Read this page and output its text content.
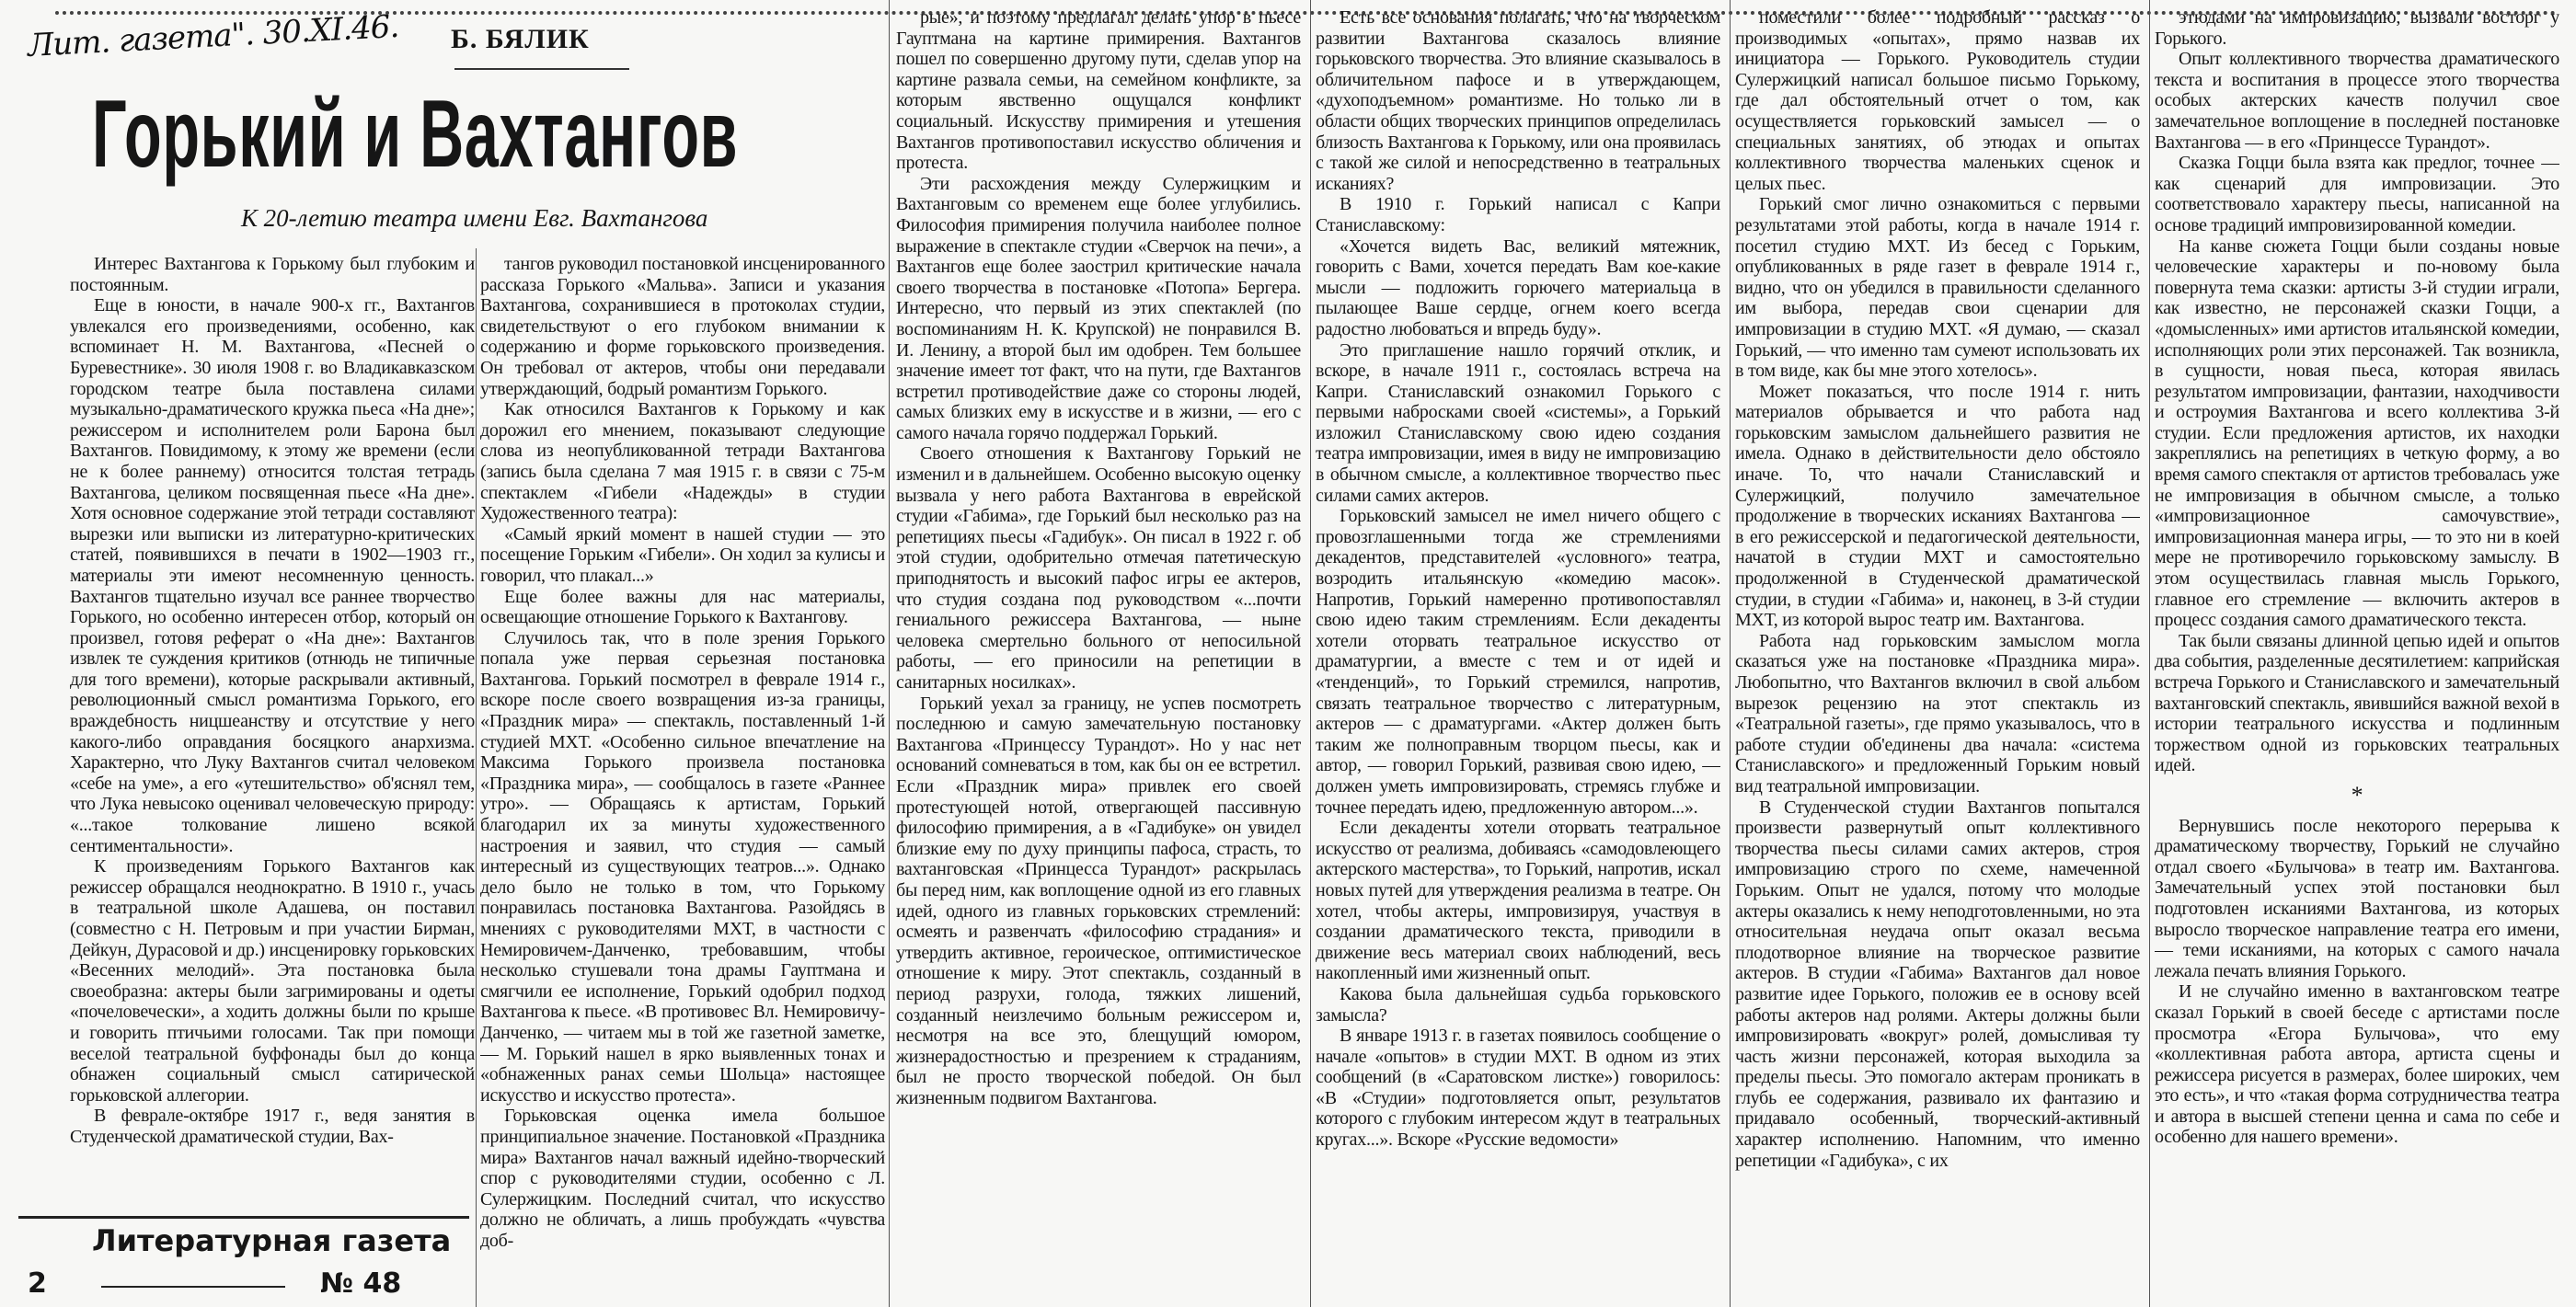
Лит. газета". 30.XI.46. Б. БЯЛИК
Горький и Вахтангов
К 20-летию театра имени Евг. Вахтангова

Интерес Вахтангова к Горькому был глубоким и постоянным.

Еще в юности, в начале 900-х гг., Вахтангов увлекался его произведениями, особенно, как вспоминает Н. М. Вахтангова, «Песней о Буревестнике». 30 июля 1908 г. во Владикавказском городском театре была поставлена силами музыкально-драматического кружка пьеса «На дне»; режиссером и исполнителем роли Барона был Вахтангов. Повидимому, к этому же времени (если не к более раннему) относится толстая тетрадь Вахтангова, целиком посвященная пьесе «На дне». Хотя основное содержание этой тетради составляют вырезки или выписки из литературно-критических статей, появившихся в печати в 1902—1903 гг., материалы эти имеют несомненную ценность. Вахтангов тщательно изучал все раннее творчество Горького, но особенно интересен отбор, который он произвел, готовя реферат о «На дне»: Вахтангов извлек те суждения критиков (отнюдь не типичные для того времени), которые раскрывали активный, революционный смысл романтизма Горького, его враждебность ницшеанству и отсутствие у него какого-либо оправдания босяцкого анархизма. Характерно, что Луку Вахтангов считал человеком «себе на уме», а его «утешительство» об'яснял тем, что Лука невысоко оценивал человеческую природу: «...такое толкование лишено всякой сентиментальности».

К произведениям Горького Вахтангов как режиссер обращался неоднократно. В 1910 г., учась в театральной школе Адашева, он поставил (совместно с Н. Петровым и при участии Бирман, Дейкун, Дурасовой и др.) инсценировку горьковских «Весенних мелодий». Эта постановка была своеобразна: актеры были загримированы и одеты «почеловечески», а ходить должны были по крыше и говорить птичьими голосами. Так при помощи веселой театральной буффонады был до конца обнажен социальный смысл сатирической горьковской аллегории.

В феврале-октябре 1917 г., ведя занятия в Студенческой драматической студии, Вах-

тангов руководил постановкой инсценированного рассказа Горького «Мальва». Записи и указания Вахтангова, сохранившиеся в протоколах студии, свидетельствуют о его глубоком внимании к содержанию и форме горьковского произведения. Он требовал от актеров, чтобы они передавали утверждающий, бодрый романтизм Горького.

Как относился Вахтангов к Горькому и как дорожил его мнением, показывают следующие слова из неопубликованной тетради Вахтангова (запись была сделана 7 мая 1915 г. в связи с 75-м спектаклем «Гибели «Надежды» в студии Художественного театра):

«Самый яркий момент в нашей студии — это посещение Горьким «Гибели». Он ходил за кулисы и говорил, что плакал...»

Еще более важны для нас материалы, освещающие отношение Горького к Вахтангову.

Случилось так, что в поле зрения Горького попала уже первая серьезная постановка Вахтангова. Горький посмотрел в феврале 1914 г., вскоре после своего возвращения из-за границы, «Праздник мира» — спектакль, поставленный 1-й студией МХТ. «Особенно сильное впечатление на Максима Горького произвела постановка «Праздника мира», — сообщалось в газете «Раннее утро». — Обращаясь к артистам, Горький благодарил их за минуты художественного настроения и заявил, что студия — самый интересный из существующих театров...». Однако дело было не только в том, что Горькому понравилась постановка Вахтангова. Разойдясь в мнениях с руководителями МХТ, в частности с Немировичем-Данченко, требовавшим, чтобы несколько стушевали тона драмы Гауптмана и смягчили ее исполнение, Горький одобрил подход Вахтангова к пьесе. «В противовес Вл. Немировичу-Данченко, — читаем мы в той же газетной заметке, — М. Горький нашел в ярко выявленных тонах и «обнаженных ранах семьи Шольца» настоящее искусство и искусство протеста».

Горьковская оценка имела большое принципиальное значение. Постановкой «Праздника мира» Вахтангов начал важный идейно-творческий спор с руководителями студии, особенно с Л. Сулержицким. Последний считал, что искусство должно не обличать, а лишь пробуждать «чувства доб-

рые», и поэтому предлагал делать упор в пьесе Гауптмана на картине примирения. Вахтангов пошел по совершенно другому пути, сделав упор на картине развала семьи, на семейном конфликте, за которым явственно ощущался конфликт социальный. Искусству примирения и утешения Вахтангов противопоставил искусство обличения и протеста.

Эти расхождения между Сулержицким и Вахтанговым со временем еще более углубились. Философия примирения получила наиболее полное выражение в спектакле студии «Сверчок на печи», а Вахтангов еще более заострил критические начала своего творчества в постановке «Потопа» Бергера. Интересно, что первый из этих спектаклей (по воспоминаниям Н. К. Крупской) не понравился В. И. Ленину, а второй был им одобрен. Тем большее значение имеет тот факт, что на пути, где Вахтангов встретил противодействие даже со стороны людей, самых близких ему в искусстве и в жизни, — его с самого начала горячо поддержал Горький.

Своего отношения к Вахтангову Горький не изменил и в дальнейшем. Особенно высокую оценку вызвала у него работа Вахтангова в еврейской студии «Габима», где Горький был несколько раз на репетициях пьесы «Гадибук». Он писал в 1922 г. об этой студии, одобрительно отмечая патетическую приподнятость и высокий пафос игры ее актеров, что студия создана под руководством «...почти гениального режиссера Вахтангова, — ныне человека смертельно больного от непосильной работы, — его приносили на репетиции в санитарных носилках».

Горький уехал за границу, не успев посмотреть последнюю и самую замечательную постановку Вахтангова «Принцессу Турандот». Но у нас нет оснований сомневаться в том, как бы он ее встретил. Если «Праздник мира» привлек его своей протестующей нотой, отвергающей пассивную философию примирения, а в «Гадибуке» он увидел близкие ему по духу принципы пафоса, страсть, то вахтанговская «Принцесса Турандот» раскрылась бы перед ним, как воплощение одной из его главных идей, одного из главных горьковских стремлений: осмеять и развенчать «философию страдания» и утвердить активное, героическое, оптимистическое отношение к миру. Этот спектакль, созданный в период разрухи, голода, тяжких лишений, созданный неизлечимо больным режиссером и, несмотря на все это, блещущий юмором, жизнерадостностью и презрением к страданиям, был не просто творческой победой. Он был жизненным подвигом Вахтангова.

Есть все основания полагать, что на творческом развитии Вахтангова сказалось влияние горьковского творчества. Это влияние сказывалось в обличительном пафосе и в утверждающем, «духоподъемном» романтизме. Но только ли в области общих творческих принципов определилась близость Вахтангова к Горькому, или она проявилась с такой же силой и непосредственно в театральных исканиях?

В 1910 г. Горький написал с Капри Станиславскому:

«Хочется видеть Вас, великий мятежник, говорить с Вами, хочется передать Вам кое-какие мысли — подложить горючего материальца в пылающее Ваше сердце, огнем коего всегда радостно любоваться и впредь буду».

Это приглашение нашло горячий отклик, и вскоре, в начале 1911 г., состоялась встреча на Капри. Станиславский ознакомил Горького с первыми набросками своей «системы», а Горький изложил Станиславскому свою идею создания театра импровизации, имея в виду не импровизацию в обычном смысле, а коллективное творчество пьес силами самих актеров.

Горьковский замысел не имел ничего общего с провозглашенными тогда же стремлениями декадентов, представителей «условного» театра, возродить итальянскую «комедию масок». Напротив, Горький намеренно противопоставлял свою идею таким стремлениям. Если декаденты хотели оторвать театральное искусство от драматургии, а вместе с тем и от идей и «тенденций», то Горький стремился, напротив, связать театральное творчество с литературным, актеров — с драматургами. «Актер должен быть таким же полноправным творцом пьесы, как и автор, — говорил Горький, развивая свою идею, — должен уметь импровизировать, стремясь глубже и точнее передать идею, предложенную автором...».

Если декаденты хотели оторвать театральное искусство от реализма, добиваясь «самодовлеющего актерского мастерства», то Горький, напротив, искал новых путей для утверждения реализма в театре. Он хотел, чтобы актеры, импровизируя, участвуя в создании драматического текста, приводили в движение весь материал своих наблюдений, весь накопленный ими жизненный опыт.

Какова была дальнейшая судьба горьковского замысла?

В январе 1913 г. в газетах появилось сообщение о начале «опытов» в студии МХТ. В одном из этих сообщений (в «Саратовском листке») говорилось: «В «Студии» подготовляется опыт, результатов которого с глубоким интересом ждут в театральных кругах...». Вскоре «Русские ведомости»

поместили более подробный рассказ о производимых «опытах», прямо назвав их инициатора — Горького. Руководитель студии Сулержицкий написал большое письмо Горькому, где дал обстоятельный отчет о том, как осуществляется горьковский замысел — о специальных занятиях, об этюдах и опытах коллективного творчества маленьких сценок и целых пьес.

Горький смог лично ознакомиться с первыми результатами этой работы, когда в начале 1914 г. посетил студию МХТ. Из бесед с Горьким, опубликованных в ряде газет в феврале 1914 г., видно, что он убедился в правильности сделанного им выбора, передав свои сценарии для импровизации в студию МХТ. «Я думаю, — сказал Горький, — что именно там сумеют использовать их в том виде, как бы мне этого хотелось».

Может показаться, что после 1914 г. нить материалов обрывается и что работа над горьковским замыслом дальнейшего развития не имела. Однако в действительности дело обстояло иначе. То, что начали Станиславский и Сулержицкий, получило замечательное продолжение в творческих исканиях Вахтангова — в его режиссерской и педагогической деятельности, начатой в студии МХТ и самостоятельно продолженной в Студенческой драматической студии, в студии «Габима» и, наконец, в 3-й студии МХТ, из которой вырос театр им. Вахтангова.

Работа над горьковским замыслом могла сказаться уже на постановке «Праздника мира». Любопытно, что Вахтангов включил в свой альбом вырезок рецензию на этот спектакль из «Театральной газеты», где прямо указывалось, что в работе студии об'единены два начала: «система Станиславского» и предложенный Горьким новый вид театральной импровизации.

В Студенческой студии Вахтангов попытался произвести развернутый опыт коллективного творчества пьесы силами самих актеров, строя импровизацию строго по схеме, намеченной Горьким. Опыт не удался, потому что молодые актеры оказались к нему неподготовленными, но эта относительная неудача опыт оказал весьма плодотворное влияние на творческое развитие актеров. В студии «Габима» Вахтангов дал новое развитие идее Горького, положив ее в основу всей работы актеров над ролями. Актеры должны были импровизировать «вокруг» ролей, домысливая ту часть жизни персонажей, которая выходила за пределы пьесы. Это помогало актерам проникать в глубь ее содержания, развивало их фантазию и придавало особенный, творческий-активный характер исполнению. Напомним, что именно репетиции «Гадибука», с их

этюдами на импровизацию, вызвали восторг у Горького.

Опыт коллективного творчества драматического текста и воспитания в процессе этого творчества особых актерских качеств получил свое замечательное воплощение в последней постановке Вахтангова — в его «Принцессе Турандот».

Сказка Гоцци была взята как предлог, точнее — как сценарий для импровизации. Это соответствовало характеру пьесы, написанной на основе традиций импровизированной комедии.

На канве сюжета Гоцци были созданы новые человеческие характеры и по-новому была повернута тема сказки: артисты 3-й студии играли, как известно, не персонажей сказки Гоцци, а «домысленных» ими артистов итальянской комедии, исполняющих роли этих персонажей. Так возникла, в сущности, новая пьеса, которая явилась результатом импровизации, фантазии, находчивости и остроумия Вахтангова и всего коллектива 3-й студии. Если предложения артистов, их находки закреплялись на репетициях в четкую форму, а во время самого спектакля от артистов требовалась уже не импровизация в обычном смысле, а только «импровизационное самочувствие», импровизационная манера игры, — то это ни в коей мере не противоречило горьковскому замыслу. В этом осуществилась главная мысль Горького, главное его стремление — включить актеров в процесс создания самого драматического текста.

Так были связаны длинной цепью идей и опытов два события, разделенные десятилетием: каприйская встреча Горького и Станиславского и замечательный вахтанговский спектакль, явившийся важной вехой в истории театрального искусства и подлинным торжеством одной из горьковских театральных идей.

*

Вернувшись после некоторого перерыва к драматическому творчеству, Горький не случайно отдал своего «Булычова» в театр им. Вахтангова. Замечательный успех этой постановки был подготовлен исканиями Вахтангова, из которых выросло творческое направление театра его имени, — теми исканиями, на которых с самого начала лежала печать влияния Горького.

И не случайно именно в вахтанговском театре сказал Горький в своей беседе с артистами после просмотра «Егора Булычова», что ему «коллективная работа автора, артиста сцены и режиссера рисуется в размерах, более широких, чем это есть», и что «такая форма сотрудничества театра и автора в высшей степени ценна и сама по себе и особенно для нашего времени».

Литературная газета
2	№ 48
